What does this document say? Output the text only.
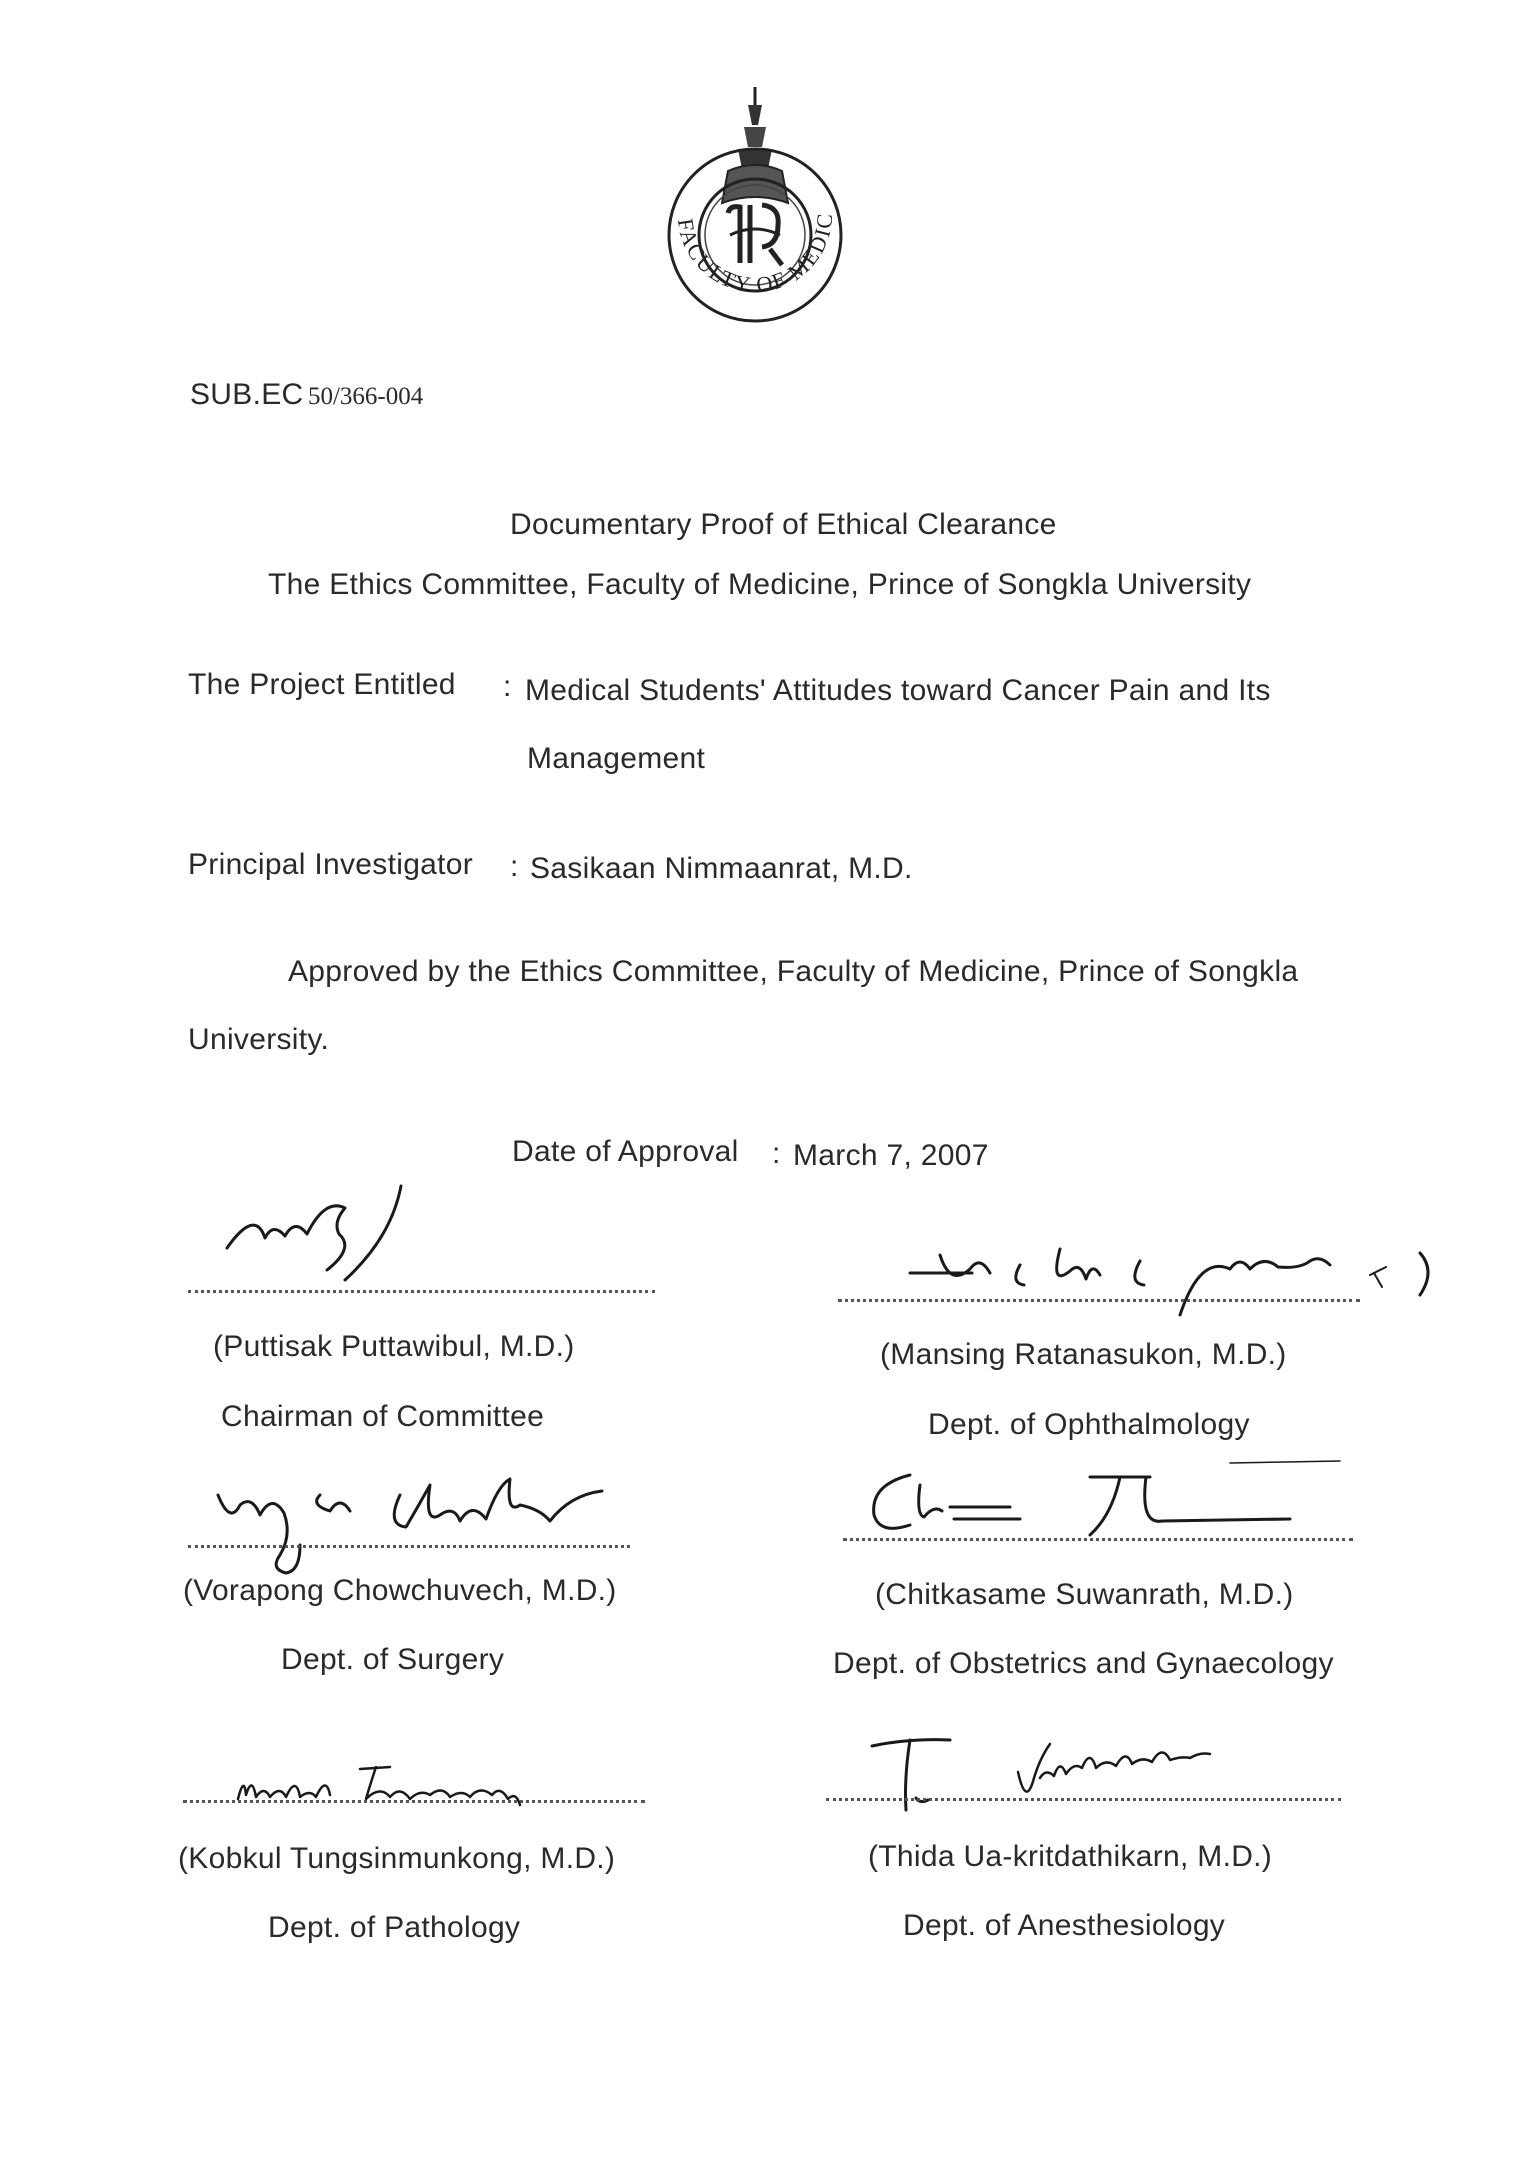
FACULTY OF MEDIC
SUB.EC 50/366-004
Documentary Proof of Ethical Clearance
The Ethics Committee, Faculty of Medicine, Prince of Songkla University
The Project Entitled : Medical Students' Attitudes toward Cancer Pain and Its
Management
Principal Investigator : Sasikaan Nimmaanrat, M.D.
Approved by the Ethics Committee, Faculty of Medicine, Prince of Songkla
University.
Date of Approval : March 7, 2007
(Puttisak Puttawibul, M.D.)
Chairman of Committee
(Mansing Ratanasukon, M.D.)
Dept. of Ophthalmology
(Vorapong Chowchuvech, M.D.)
Dept. of Surgery
(Chitkasame Suwanrath, M.D.)
Dept. of Obstetrics and Gynaecology
(Kobkul Tungsinmunkong, M.D.)
Dept. of Pathology
(Thida Ua-kritdathikarn, M.D.)
Dept. of Anesthesiology
